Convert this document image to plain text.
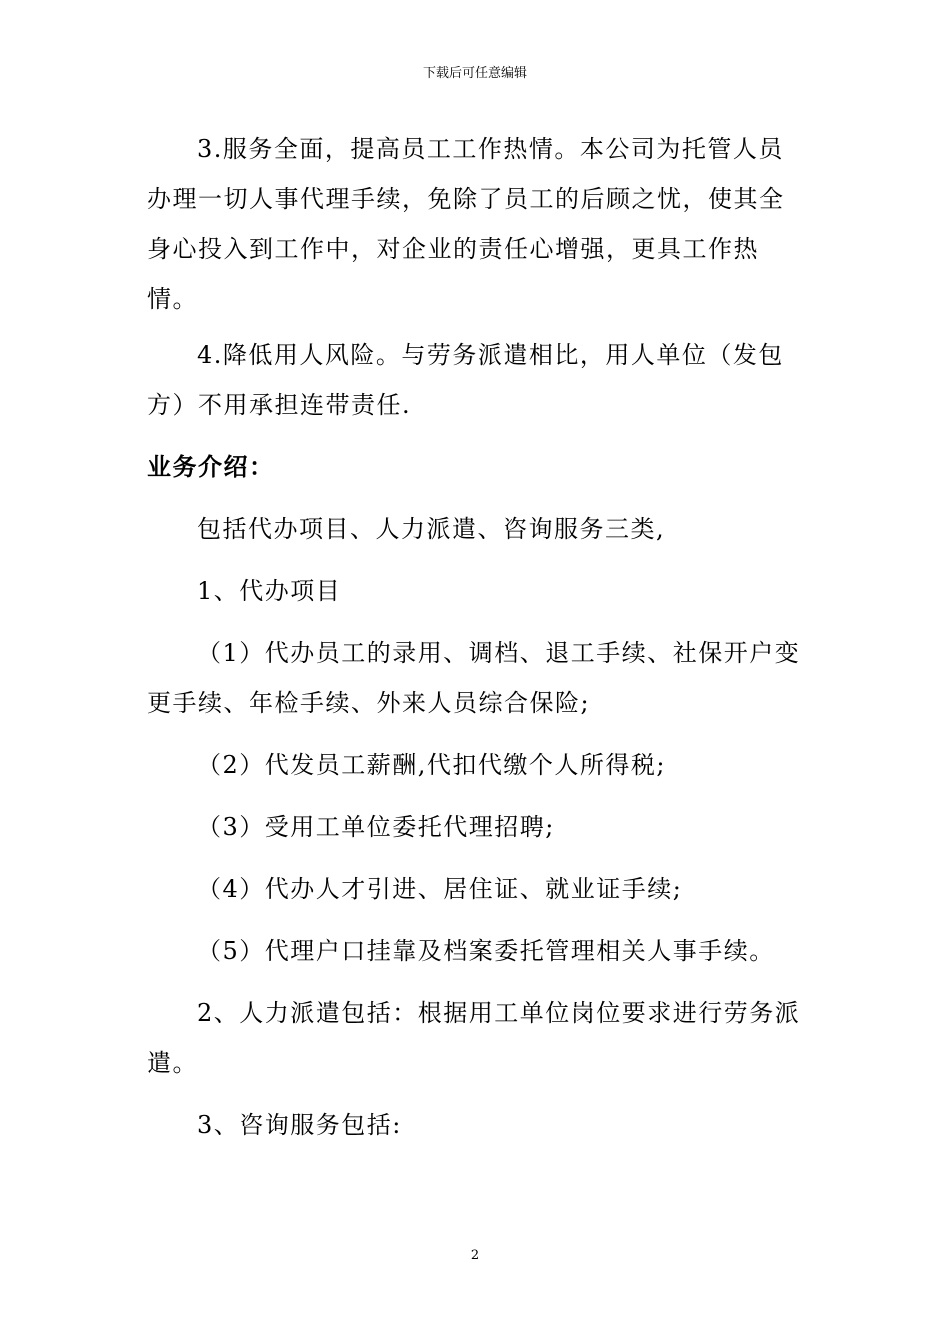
下载后可任意编辑

3.服务全面，提高员工工作热情。本公司为托管人员办理一切人事代理手续，免除了员工的后顾之忧，使其全身心投入到工作中，对企业的责任心增强，更具工作热情。

4.降低用人风险。与劳务派遣相比，用人单位（发包方）不用承担连带责任.

业务介绍：

包括代办项目、人力派遣、咨询服务三类,

1、代办项目

（1）代办员工的录用、调档、退工手续、社保开户变更手续、年检手续、外来人员综合保险;

（2）代发员工薪酬,代扣代缴个人所得税;

（3）受用工单位委托代理招聘;

（4）代办人才引进、居住证、就业证手续;

（5）代理户口挂靠及档案委托管理相关人事手续。

2、人力派遣包括：根据用工单位岗位要求进行劳务派遣。

3、咨询服务包括:

2
